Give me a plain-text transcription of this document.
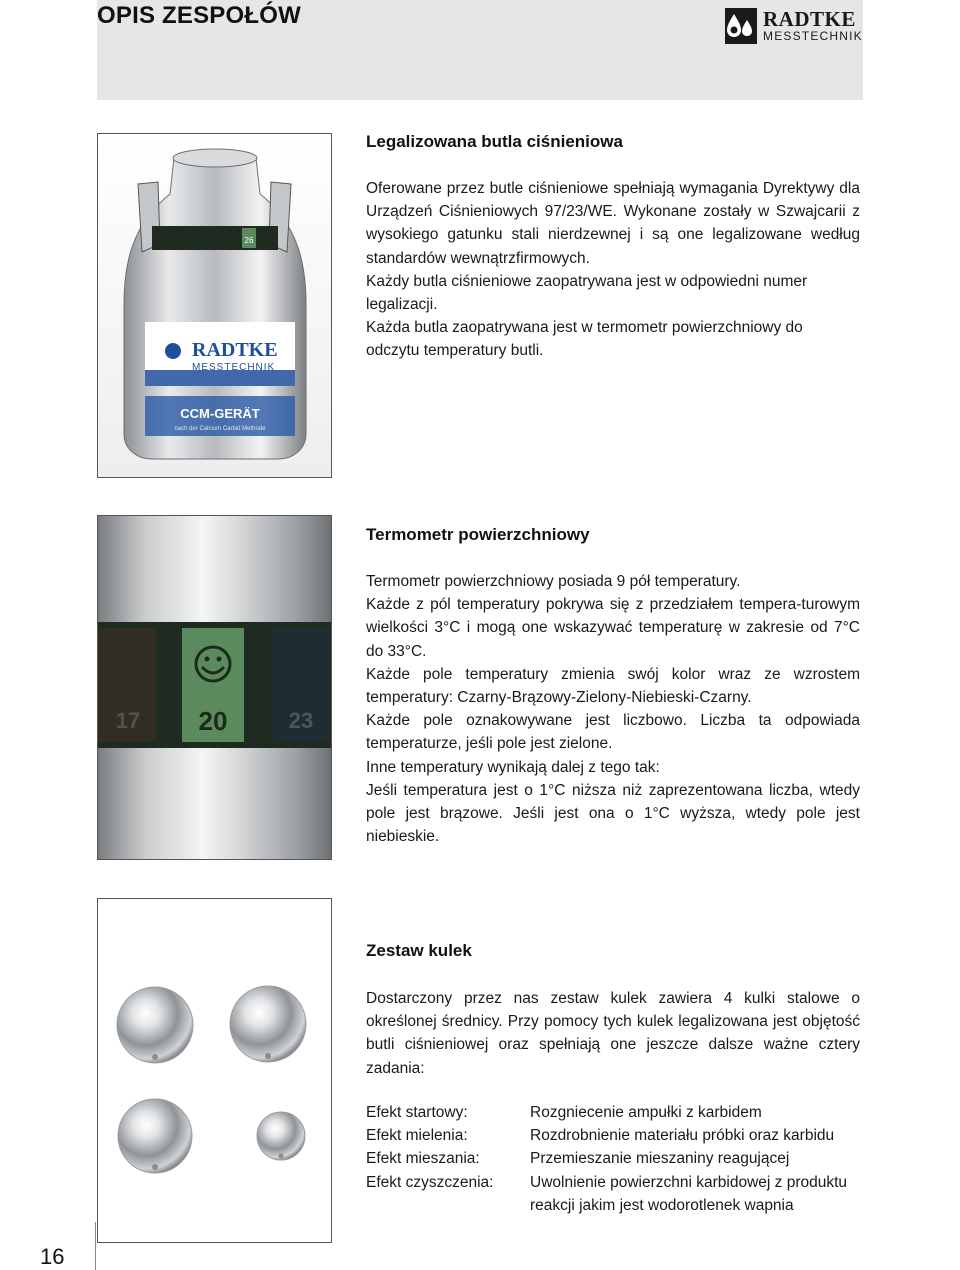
OPIS ZESPOŁÓW	RADTKE
MESSTECHNIK
26
RADTKE
MESSTECHNIK
CCM-GERÄT
nach der Calcium Carbid Methode
Legalizowana butla ciśnieniowa

Oferowane przez butle ciśnieniowe spełniają wymagania Dyrektywy dla Urządzeń Ciśnieniowych 97/23/WE. Wykonane zostały w Szwajcarii z wysokiego gatunku stali nierdzewnej i są one legalizowane według standardów wewnątrzfirmowych.

Każdy butla ciśnieniowe zaopatrywana jest w odpowiedni numer legalizacji.

Każda butla zaopatrywana jest w termometr powierzchniowy do odczytu temperatury butli.

17	23
20
Termometr powierzchniowy

Termometr powierzchniowy posiada 9 pół temperatury.

Każde z pól temperatury pokrywa się z przedziałem tempera-turowym wielkości 3°C i mogą one wskazywać temperaturę w zakresie od 7°C do 33°C.

Każde pole temperatury zmienia swój kolor wraz ze wzrostem temperatury: Czarny-Brązowy-Zielony-Niebieski-Czarny.

Każde pole oznakowywane jest liczbowo. Liczba ta odpowiada temperaturze, jeśli pole jest zielone.

Inne temperatury wynikają dalej z tego tak:

Jeśli temperatura jest o 1°C niższa niż zaprezentowana liczba, wtedy pole jest brązowe. Jeśli jest ona o 1°C wyższa, wtedy pole jest niebieskie.

Zestaw kulek

Dostarczony przez nas zestaw kulek zawiera 4 kulki stalowe o określonej średnicy. Przy pomocy tych kulek legalizowana jest objętość butli ciśnieniowej oraz spełniają one jeszcze dalsze ważne cztery zadania:

Efekt startowy:	Rozgniecenie ampułki z karbidem
Efekt mielenia:	Rozdrobnienie materiału próbki oraz karbidu
Efekt mieszania:	Przemieszanie mieszaniny reagującej
Efekt czyszczenia:	Uwolnienie powierzchni karbidowej z produktu reakcji jakim jest wodorotlenek wapnia
16
